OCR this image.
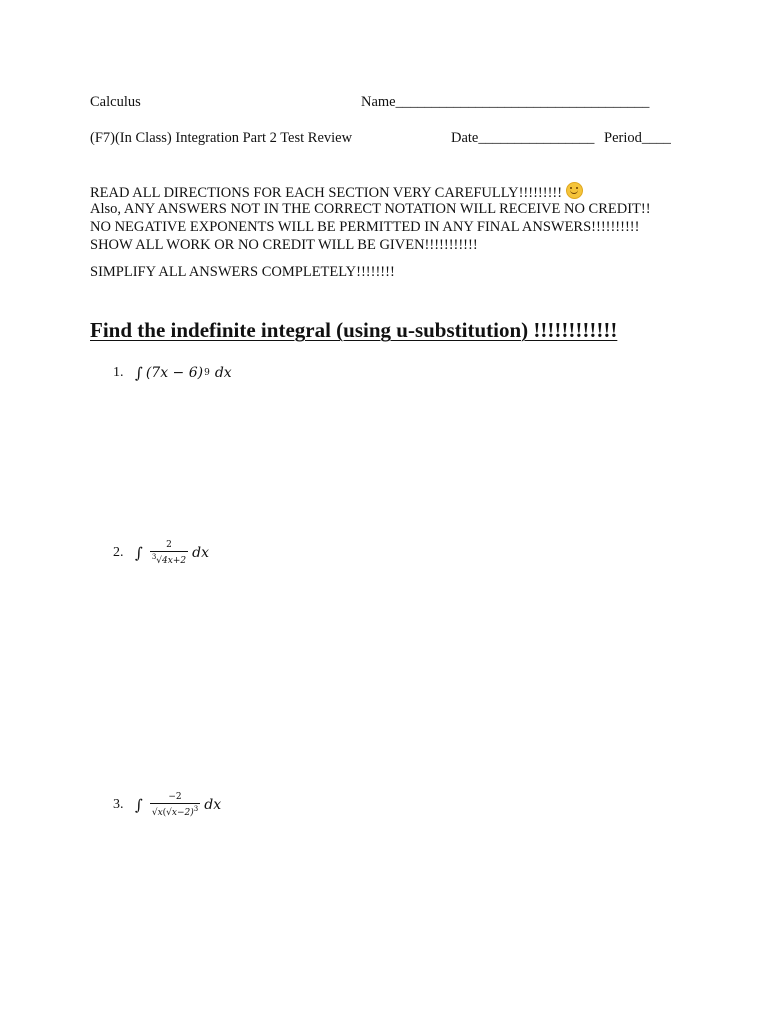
Calculus	Name___________________________________
(F7)(In Class) Integration Part 2 Test Review	Date________________ Period____
READ ALL DIRECTIONS FOR EACH SECTION VERY CAREFULLY!!!!!!!!!
Also, ANY ANSWERS NOT IN THE CORRECT NOTATION WILL RECEIVE NO CREDIT!!
NO NEGATIVE EXPONENTS WILL BE PERMITTED IN ANY FINAL ANSWERS!!!!!!!!!!
SHOW ALL WORK OR NO CREDIT WILL BE GIVEN!!!!!!!!!!!
SIMPLIFY ALL ANSWERS COMPLETELY!!!!!!!!
Find the indefinite integral (using u-substitution) !!!!!!!!!!!!
1. ∫ (7x − 6) 9 dx
2. ∫ $\frac{2}{^3√4x+2}$ dx
3. ∫ $\frac{-2}{√x(√x-2)^3}$ dx
